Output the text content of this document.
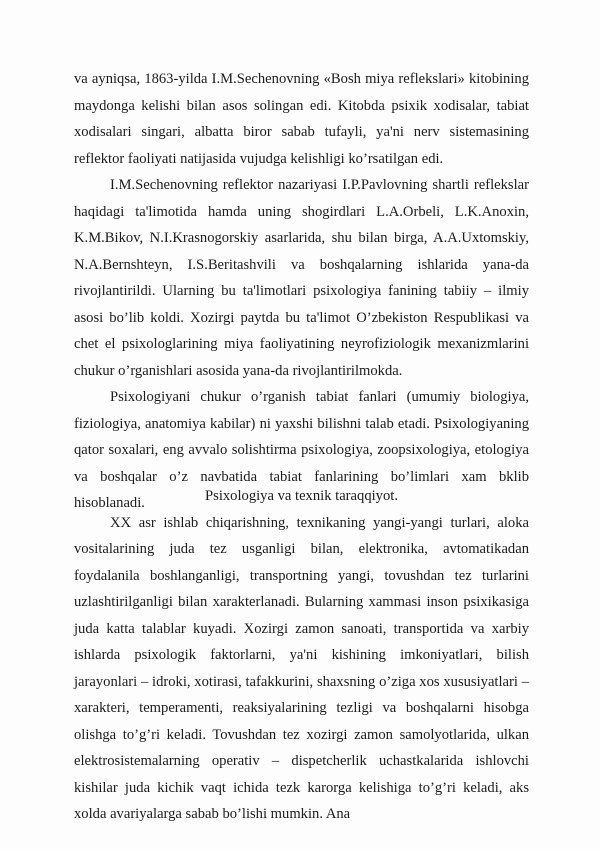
va ayniqsa, 1863-yilda I.M.Sechenovning «Bosh miya reflekslari» kitobining maydonga kelishi bilan asos solingan edi. Kitobda psixik xodisalar, tabiat xodisalari singari, albatta biror sabab tufayli, ya'ni nerv sistemasining reflektor faoliyati natijasida vujudga kelishligi ko’rsatilgan edi.

I.M.Sechenovning reflektor nazariyasi I.P.Pavlovning shartli reflekslar haqidagi ta'limotida hamda uning shogirdlari L.A.Orbeli, L.K.Anoxin, K.M.Bikov, N.I.Krasnogorskiy asarlarida, shu bilan birga, A.A.Uxtomskiy, N.A.Bernshteyn, I.S.Beritashvili va boshqalarning ishlarida yana-da rivojlantirildi. Ularning bu ta'limotlari psixologiya fanining tabiiy – ilmiy asosi bo’lib koldi. Xozirgi paytda bu ta'limot O’zbekiston Respublikasi va chet el psixologlarining miya faoliyatining neyrofiziologik mexanizmlarini chukur o’rganishlari asosida yana-da rivojlantirilmokda.

Psixologiyani chukur o’rganish tabiat fanlari (umumiy biologiya, fiziologiya, anatomiya kabilar) ni yaxshi bilishni talab etadi. Psixologiyaning qator soxalari, eng avvalo solishtirma psixologiya, zoopsixologiya, etologiya va boshqalar o’z navbatida tabiat fanlarining bo’limlari xam bklib hisoblanadi.	Psixologiya va texnik taraqqiyot.

XX asr ishlab chiqarishning, texnikaning yangi-yangi turlari, aloka vositalarining juda tez usganligi bilan, elektronika, avtomatikadan foydalanila boshlanganligi, transportning yangi, tovushdan tez turlarini uzlashtirilganligi bilan xarakterlanadi. Bularning xammasi inson psixikasiga juda katta talablar kuyadi. Xozirgi zamon sanoati, transportida va xarbiy ishlarda psixologik faktorlarni, ya'ni kishining imkoniyatlari, bilish jarayonlari – idroki, xotirasi, tafakkurini, shaxsning o’ziga xos xususiyatlari – xarakteri, temperamenti, reaksiyalarining tezligi va boshqalarni hisobga olishga to’g’ri keladi. Tovushdan tez xozirgi zamon samolyotlarida, ulkan elektrosistemalarning operativ – dispetcherlik uchastkalarida ishlovchi kishilar juda kichik vaqt ichida tezk karorga kelishiga to’g’ri keladi, aks xolda avariyalarga sabab bo’lishi mumkin. Ana
